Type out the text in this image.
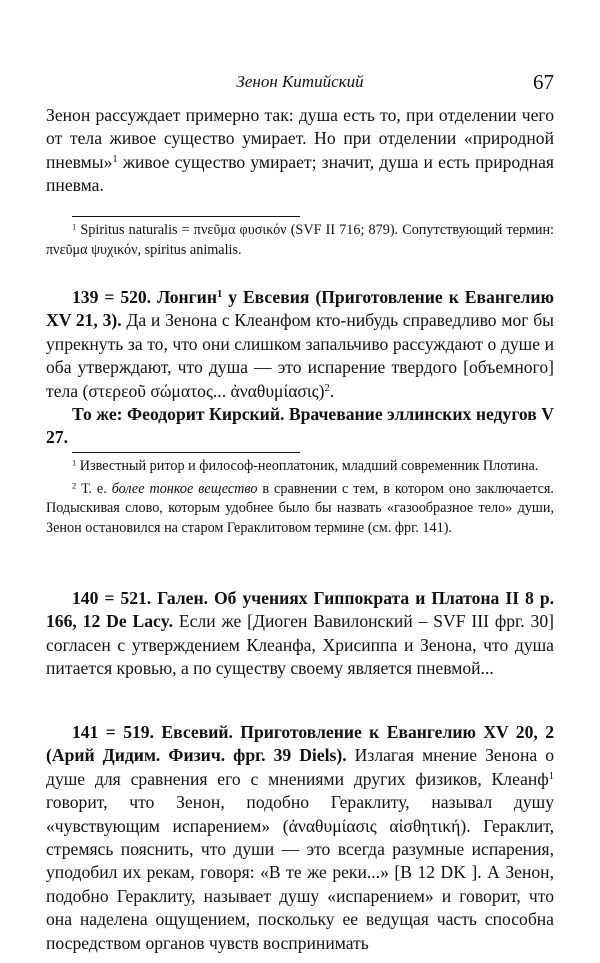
Зенон Китийский	67

Зенон рассуждает примерно так: душа есть то, при отделении чего от тела живое существо умирает. Но при отделении «природной пневмы»$^1$ живое существо умирает; значит, душа и есть природная пневма.

$^1$ Spiritus naturalis = πνεῦμα φυσικόν (SVF II 716; 879). Сопутствующий термин: πνεῦμα ψυχικόν, spiritus animalis.

139 = 520. Лонгин$^1$ у Евсевия (Приготовление к Евангелию XV 21, 3). Да и Зенона с Клеанфом кто-нибудь справедливо мог бы упрекнуть за то, что они слишком запальчиво рассуждают о душе и оба утверждают, что душа — это испарение твердого [объемного] тела (στερεοῦ σώματος... ἀναθυμίασις)$^2$.

То же: Феодорит Кирский. Врачевание эллинских недугов V 27.

$^1$ Известный ритор и философ-неоплатоник, младший современник Плотина.

$^2$ Т. е. более тонкое вещество в сравнении с тем, в котором оно заключается. Подыскивая слово, которым удобнее было бы назвать «газообразное тело» души, Зенон остановился на старом Гераклитовом термине (см. фрг. 141).

140 = 521. Гален. Об учениях Гиппократа и Платона II 8 p. 166, 12 De Lacy. Если же [Диоген Вавилонский – SVF III фрг. 30] согласен с утверждением Клеанфа, Хрисиппа и Зенона, что душа питается кровью, а по существу своему является пневмой...

141 = 519. Евсевий. Приготовление к Евангелию XV 20, 2 (Арий Дидим. Физич. фрг. 39 Diels). Излагая мнение Зенона о душе для сравнения его с мнениями других физиков, Клеанф$^1$ говорит, что Зенон, подобно Гераклиту, называл душу «чувствующим испарением» (ἀναθυμίασις αἰσθητική). Гераклит, стремясь пояснить, что души — это всегда разумные испарения, уподобил их рекам, говоря: «В те же реки...» [B 12 DK ]. А Зенон, подобно Гераклиту, называет душу «испарением» и говорит, что она наделена ощущением, поскольку ее ведущая часть способна посредством органов чувств воспринимать
